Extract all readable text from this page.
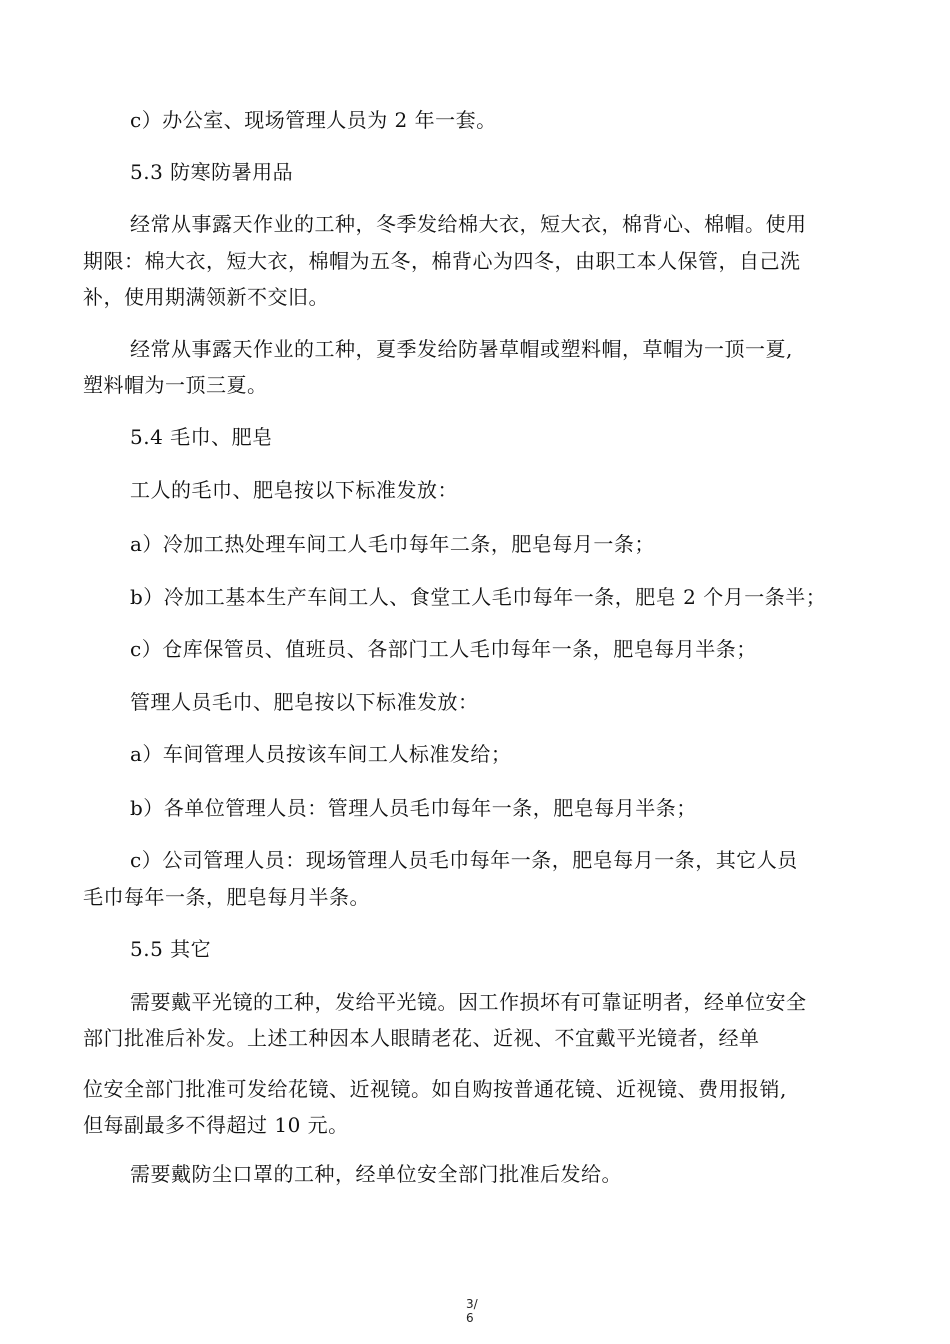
c）办公室、现场管理人员为 2 年一套。
5.3 防寒防暑用品
经常从事露天作业的工种，冬季发给棉大衣，短大衣，棉背心、棉帽。使用
期限：棉大衣，短大衣，棉帽为五冬，棉背心为四冬，由职工本人保管，自己洗
补，使用期满领新不交旧。
经常从事露天作业的工种，夏季发给防暑草帽或塑料帽，草帽为一顶一夏,
塑料帽为一顶三夏。
5.4 毛巾、肥皂
工人的毛巾、肥皂按以下标准发放：
a）冷加工热处理车间工人毛巾每年二条，肥皂每月一条；
b）冷加工基本生产车间工人、食堂工人毛巾每年一条，肥皂 2 个月一条半；
c）仓库保管员、值班员、各部门工人毛巾每年一条，肥皂每月半条；
管理人员毛巾、肥皂按以下标准发放：
a）车间管理人员按该车间工人标准发给；
b）各单位管理人员：管理人员毛巾每年一条，肥皂每月半条；
c）公司管理人员：现场管理人员毛巾每年一条，肥皂每月一条，其它人员
毛巾每年一条，肥皂每月半条。
5.5 其它
需要戴平光镜的工种，发给平光镜。因工作损坏有可靠证明者，经单位安全
部门批准后补发。上述工种因本人眼睛老花、近视、不宜戴平光镜者，经单
位安全部门批准可发给花镜、近视镜。如自购按普通花镜、近视镜、费用报销,
但每副最多不得超过 10 元。
需要戴防尘口罩的工种，经单位安全部门批准后发给。
3/
6
